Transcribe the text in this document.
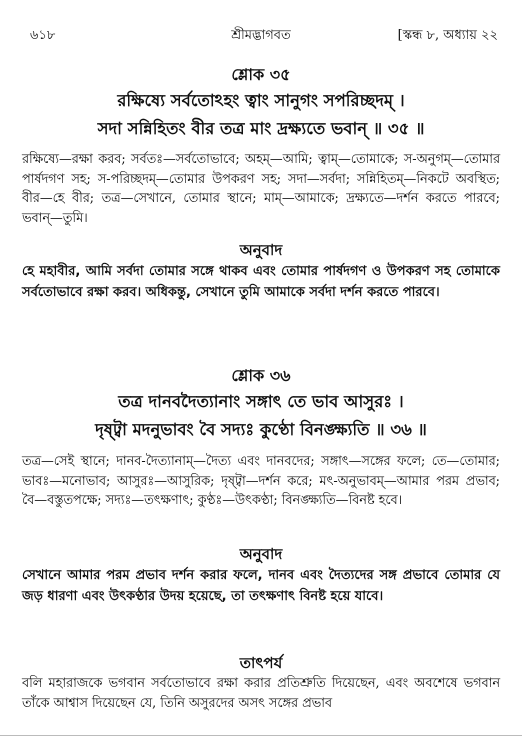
৬১৮	শ্রীমদ্ভাগবত	[স্কন্ধ ৮, অধ্যায় ২২
শ্লোক ৩৫
রক্ষিষ্যে সর্বতোঽহং ত্বাং সানুগং সপরিচ্ছদম্ ।
সদা সন্নিহিতং বীর তত্র মাং দ্রক্ষ্যতে ভবান্ ॥ ৩৫ ॥

রক্ষিষ্যে—রক্ষা করব; সর্বতঃ—সর্বতোভাবে; অহম্—আমি; ত্বাম্—তোমাকে; স-অনুগম্—তোমার পার্ষদগণ সহ; স-পরিচ্ছদম্—তোমার উপকরণ সহ; সদা—সর্বদা; সন্নিহিতম্—নিকটে অবস্থিত; বীর—হে বীর; তত্র—সেখানে, তোমার স্থানে; মাম্—আমাকে; দ্রক্ষ্যতে—দর্শন করতে পারবে; ভবান্—তুমি।

অনুবাদ

হে মহাবীর, আমি সর্বদা তোমার সঙ্গে থাকব এবং তোমার পার্ষদগণ ও উপকরণ সহ তোমাকে সর্বতোভাবে রক্ষা করব। অধিকন্তু, সেখানে তুমি আমাকে সর্বদা দর্শন করতে পারবে।

শ্লোক ৩৬
তত্র দানবদৈত্যানাং সঙ্গাৎ তে ভাব আসুরঃ ।
দৃষ্ট্বা মদনুভাবং বৈ সদ্যঃ কুণ্ঠো বিনঙ্ক্ষ্যতি ॥ ৩৬ ॥

তত্র—সেই স্থানে; দানব-দৈত্যানাম্—দৈত্য এবং দানবদের; সঙ্গাৎ—সঙ্গের ফলে; তে—তোমার; ভাবঃ—মনোভাব; আসুরঃ—আসুরিক; দৃষ্ট্বা—দর্শন করে; মৎ-অনুভাবম্—আমার পরম প্রভাব; বৈ—বস্তুতপক্ষে; সদ্যঃ—তৎক্ষণাৎ; কুণ্ঠঃ—উৎকণ্ঠা; বিনঙ্ক্ষ্যতি—বিনষ্ট হবে।

অনুবাদ

সেখানে আমার পরম প্রভাব দর্শন করার ফলে, দানব এবং দৈত্যদের সঙ্গ প্রভাবে তোমার যে জড় ধারণা এবং উৎকণ্ঠার উদয় হয়েছে, তা তৎক্ষণাৎ বিনষ্ট হয়ে যাবে।

তাৎপর্য

বলি মহারাজকে ভগবান সর্বতোভাবে রক্ষা করার প্রতিশ্রুতি দিয়েছেন, এবং অবশেষে ভগবান তাঁকে আশ্বাস দিয়েছেন যে, তিনি অসুরদের অসৎ সঙ্গের প্রভাব
